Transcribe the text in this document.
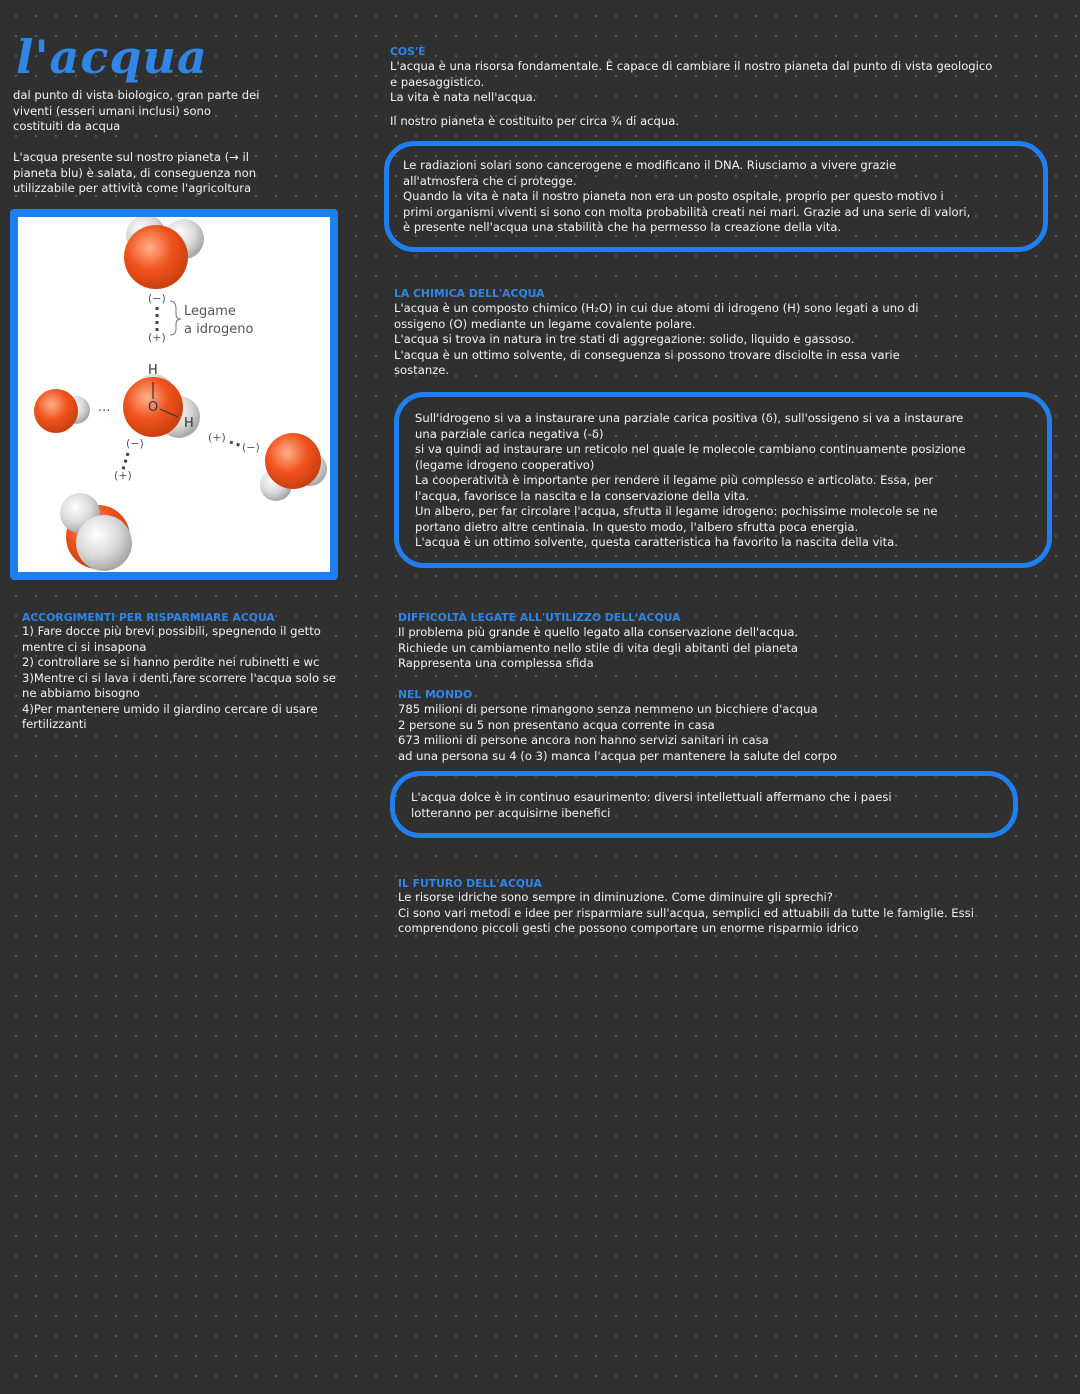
l'acqua

dal punto di vista biologico, gran parte dei

viventi (esseri umani inclusi) sono

costituiti da acqua

L'acqua presente sul nostro pianeta (→ il

pianeta blu) è salata, di conseguenza non

utilizzabile per attività come l'agricoltura

(−)
(+)
Legame
a idrogeno
H
O
H
···
(−)
(+)
(+)
(−)
ACCORGIMENTI PER RISPARMIARE ACQUA

1) Fare docce più brevi possibili, spegnendo il getto

mentre ci si insapona

2) controllare se si hanno perdite nei rubinetti e wc

3)Mentre ci si lava i denti,fare scorrere l'acqua solo se

ne abbiamo bisogno

4)Per mantenere umido il giardino cercare di usare

fertilizzanti

COS'È

L'acqua è una risorsa fondamentale. È capace di cambiare il nostro pianeta dal punto di vista geologico

e paesaggistico.

La vita è nata nell'acqua.

Il nostro pianeta è costituito per circa ¾ di acqua.

Le radiazioni solari sono cancerogene e modificano il DNA. Riusciamo a vivere grazie

all'atmosfera che ci protegge.

Quando la vita è nata il nostro pianeta non era un posto ospitale, proprio per questo motivo i

primi organismi viventi si sono con molta probabilità creati nei mari. Grazie ad una serie di valori,

è presente nell'acqua una stabilità che ha permesso la creazione della vita.

LA CHIMICA DELL'ACQUA

L'acqua è un composto chimico (H₂O) in cui due atomi di idrogeno (H) sono legati a uno di

ossigeno (O) mediante un legame covalente polare.

L'acqua si trova in natura in tre stati di aggregazione: solido, liquido e gassoso.

L'acqua è un ottimo solvente, di conseguenza si possono trovare disciolte in essa varie

sostanze.

Sull'idrogeno si va a instaurare una parziale carica positiva (δ), sull'ossigeno si va a instaurare

una parziale carica negativa (-δ)

si va quindi ad instaurare un reticolo nel quale le molecole cambiano continuamente posizione

(legame idrogeno cooperativo)

La cooperatività è importante per rendere il legame più complesso e articolato. Essa, per

l'acqua, favorisce la nascita e la conservazione della vita.

Un albero, per far circolare l'acqua, sfrutta il legame idrogeno: pochissime molecole se ne

portano dietro altre centinaia. In questo modo, l'albero sfrutta poca energia.

L'acqua è un ottimo solvente, questa caratteristica ha favorito la nascita della vita.

DIFFICOLTÀ LEGATE ALL'UTILIZZO DELL'ACQUA

Il problema più grande è quello legato alla conservazione dell'acqua.

Richiede un cambiamento nello stile di vita degli abitanti del pianeta

Rappresenta una complessa sfida

NEL MONDO

785 milioni di persone rimangono senza nemmeno un bicchiere d'acqua

2 persone su 5 non presentano acqua corrente in casa

673 milioni di persone ancora non hanno servizi sanitari in casa

ad una persona su 4 (o 3) manca l'acqua per mantenere la salute del corpo

L'acqua dolce è in continuo esaurimento: diversi intellettuali affermano che i paesi

lotteranno per acquisirne ibenefici

IL FUTURO DELL'ACQUA

Le risorse idriche sono sempre in diminuzione. Come diminuire gli sprechi?

Ci sono vari metodi e idee per risparmiare sull'acqua, semplici ed attuabili da tutte le famiglie. Essi

comprendono piccoli gesti che possono comportare un enorme risparmio idrico
